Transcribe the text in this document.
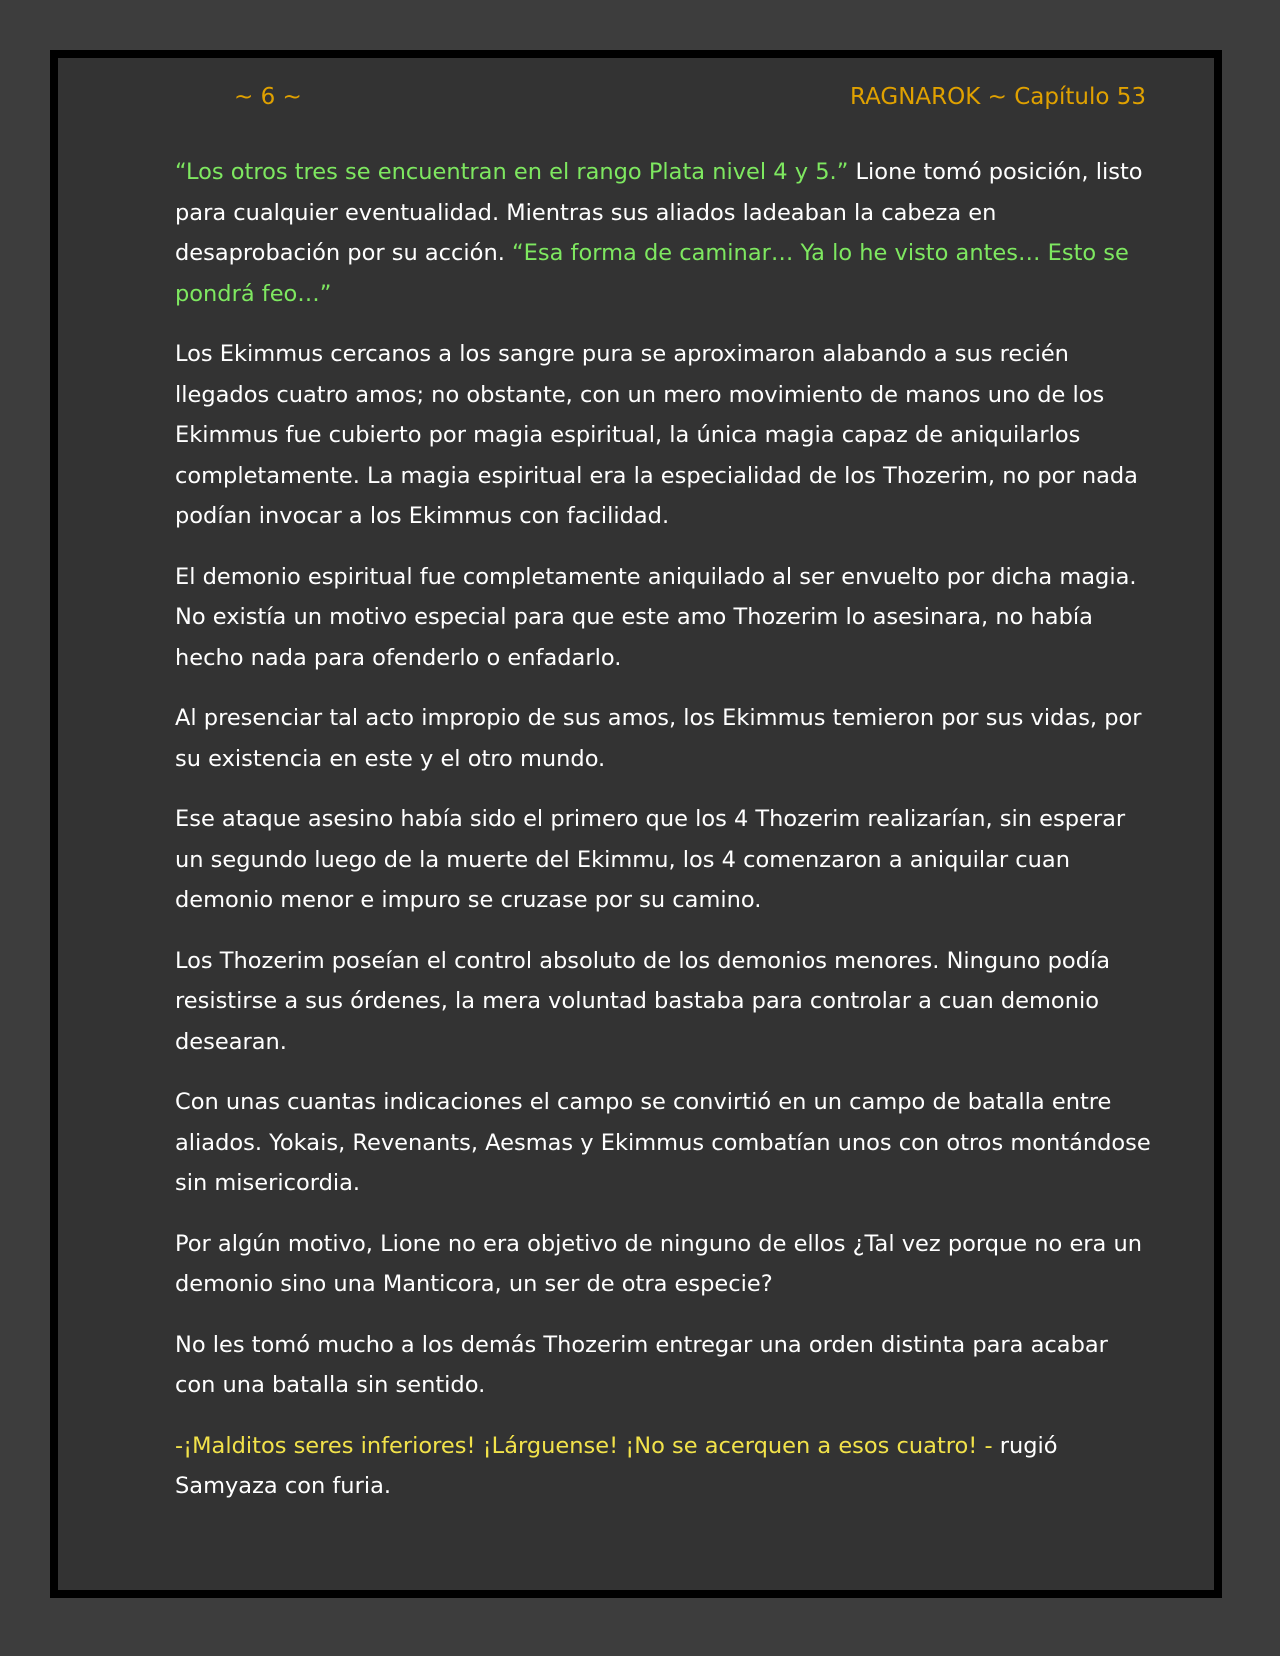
~ 6 ~	RAGNAROK ~ Capítulo 53

“Los otros tres se encuentran en el rango Plata nivel 4 y 5.” Lione tomó posición, listo para cualquier eventualidad. Mientras sus aliados ladeaban la cabeza en desaprobación por su acción. “Esa forma de caminar… Ya lo he visto antes… Esto se pondrá feo…”

Los Ekimmus cercanos a los sangre pura se aproximaron alabando a sus recién llegados cuatro amos; no obstante, con un mero movimiento de manos uno de los Ekimmus fue cubierto por magia espiritual, la única magia capaz de aniquilarlos completamente. La magia espiritual era la especialidad de los Thozerim, no por nada podían invocar a los Ekimmus con facilidad.

El demonio espiritual fue completamente aniquilado al ser envuelto por dicha magia. No existía un motivo especial para que este amo Thozerim lo asesinara, no había hecho nada para ofenderlo o enfadarlo.

Al presenciar tal acto impropio de sus amos, los Ekimmus temieron por sus vidas, por su existencia en este y el otro mundo.

Ese ataque asesino había sido el primero que los 4 Thozerim realizarían, sin esperar un segundo luego de la muerte del Ekimmu, los 4 comenzaron a aniquilar cuan demonio menor e impuro se cruzase por su camino.

Los Thozerim poseían el control absoluto de los demonios menores. Ninguno podía resistirse a sus órdenes, la mera voluntad bastaba para controlar a cuan demonio desearan.

Con unas cuantas indicaciones el campo se convirtió en un campo de batalla entre aliados. Yokais, Revenants, Aesmas y Ekimmus combatían unos con otros montándose sin misericordia.

Por algún motivo, Lione no era objetivo de ninguno de ellos ¿Tal vez porque no era un demonio sino una Manticora, un ser de otra especie?

No les tomó mucho a los demás Thozerim entregar una orden distinta para acabar con una batalla sin sentido.

-¡Malditos seres inferiores! ¡Lárguense! ¡No se acerquen a esos cuatro! - rugió Samyaza con furia.
